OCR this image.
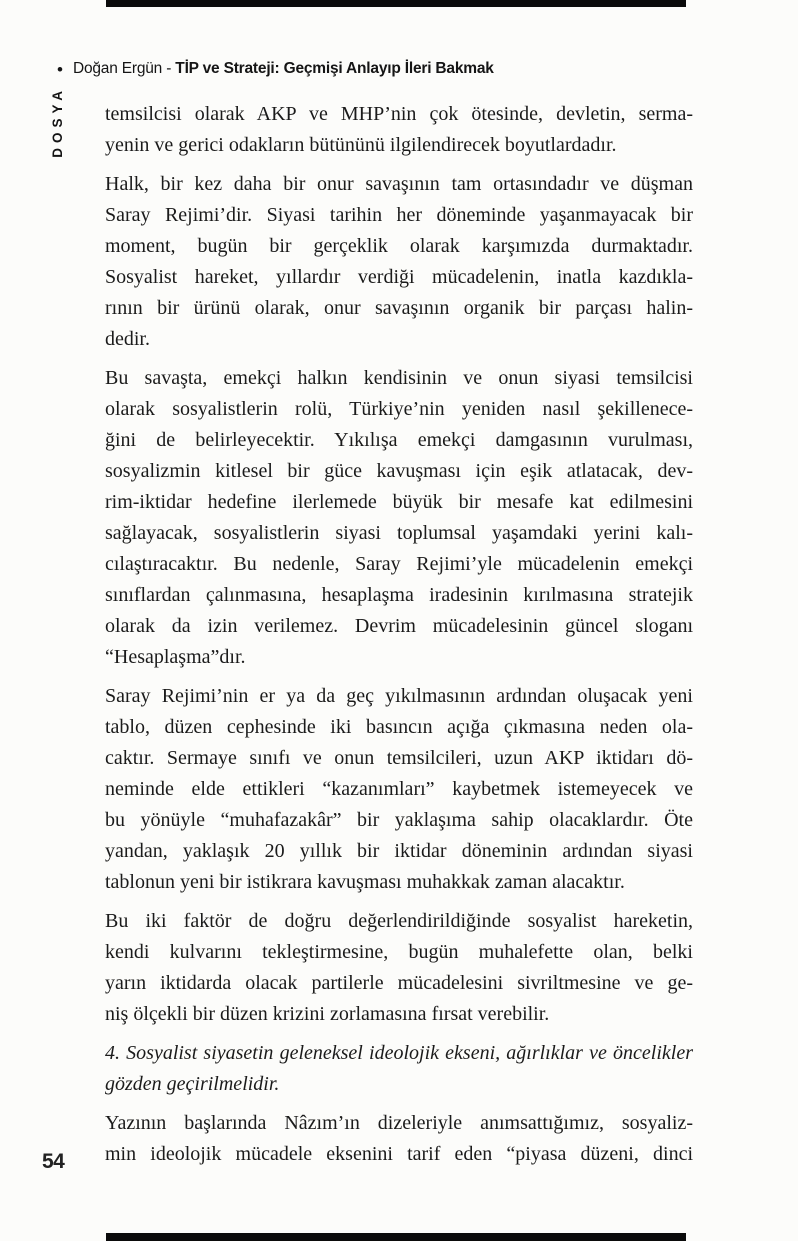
• Doğan Ergün - TİP ve Strateji: Geçmişi Anlayıp İleri Bakmak
DOSYA temsilcisi olarak AKP ve MHP’nin çok ötesinde, devletin, serma-
yenin ve gerici odakların bütününü ilgilendirecek boyutlardadır.

Halk, bir kez daha bir onur savaşının tam ortasındadır ve düşman
Saray Rejimi’dir. Siyasi tarihin her döneminde yaşanmayacak bir
moment, bugün bir gerçeklik olarak karşımızda durmaktadır.
Sosyalist hareket, yıllardır verdiği mücadelenin, inatla kazdıkla-
rının bir ürünü olarak, onur savaşının organik bir parçası halin-
dedir.

Bu savaşta, emekçi halkın kendisinin ve onun siyasi temsilcisi
olarak sosyalistlerin rolü, Türkiye’nin yeniden nasıl şekillenece-
ğini de belirleyecektir. Yıkılışa emekçi damgasının vurulması,
sosyalizmin kitlesel bir güce kavuşması için eşik atlatacak, dev-
rim-iktidar hedefine ilerlemede büyük bir mesafe kat edilmesini
sağlayacak, sosyalistlerin siyasi toplumsal yaşamdaki yerini kalı-
cılaştıracaktır. Bu nedenle, Saray Rejimi’yle mücadelenin emekçi
sınıflardan çalınmasına, hesaplaşma iradesinin kırılmasına stratejik
olarak da izin verilemez. Devrim mücadelesinin güncel sloganı
“Hesaplaşma”dır.

Saray Rejimi’nin er ya da geç yıkılmasının ardından oluşacak yeni
tablo, düzen cephesinde iki basıncın açığa çıkmasına neden ola-
caktır. Sermaye sınıfı ve onun temsilcileri, uzun AKP iktidarı dö-
neminde elde ettikleri “kazanımları” kaybetmek istemeyecek ve
bu yönüyle “muhafazakâr” bir yaklaşıma sahip olacaklardır. Öte
yandan, yaklaşık 20 yıllık bir iktidar döneminin ardından siyasi
tablonun yeni bir istikrara kavuşması muhakkak zaman alacaktır.

Bu iki faktör de doğru değerlendirildiğinde sosyalist hareketin,
kendi kulvarını tekleştirmesine, bugün muhalefette olan, belki
yarın iktidarda olacak partilerle mücadelesini sivriltmesine ve ge-
niş ölçekli bir düzen krizini zorlamasına fırsat verebilir.

4. Sosyalist siyasetin geleneksel ideolojik ekseni, ağırlıklar ve öncelikler
gözden geçirilmelidir.

Yazının başlarında Nâzım’ın dizeleriyle anımsattığımız, sosyaliz-
min ideolojik mücadele eksenini tarif eden “piyasa düzeni, dinci

54
